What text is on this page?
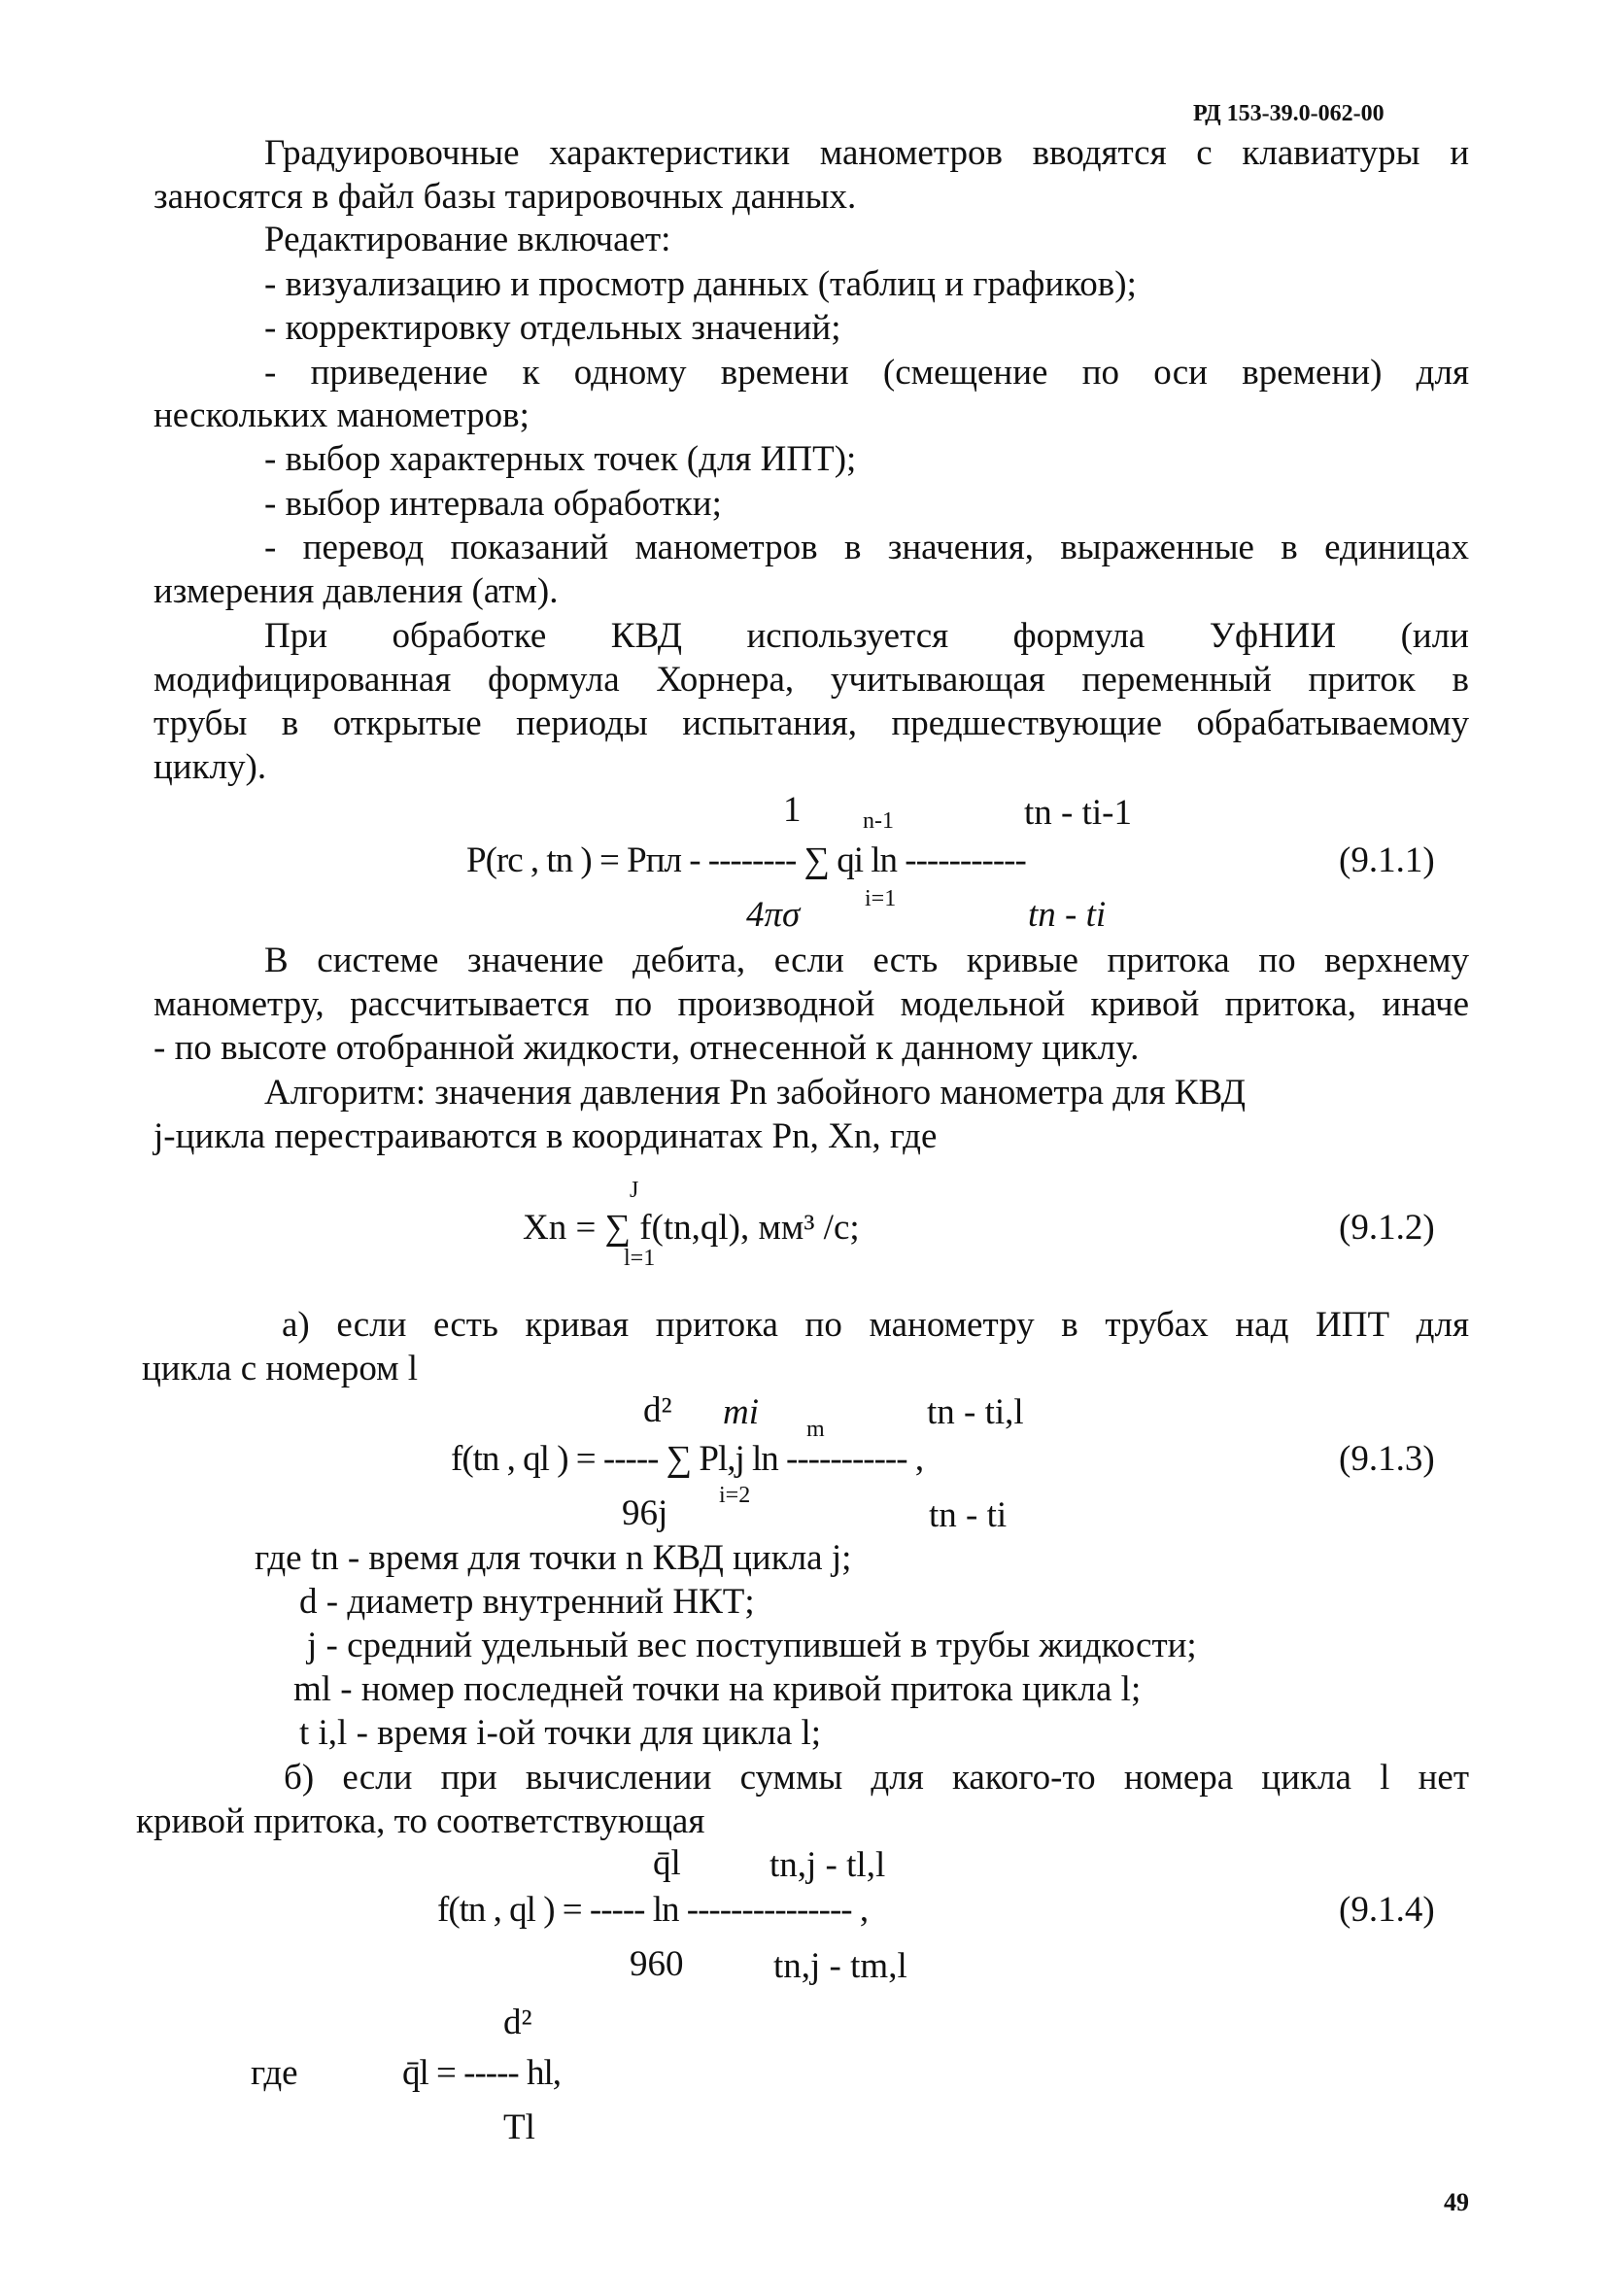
РД 153-39.0-062-00
Градуировочные характеристики манометров вводятся с клавиатуры и
заносятся в файл базы тарировочных данных.
Редактирование включает:
- визуализацию и просмотр данных (таблиц и графиков);
- корректировку отдельных значений;
- приведение к одному времени (смещение по оси времени) для
нескольких манометров;
- выбор характерных точек (для ИПТ);
- выбор интервала обработки;
- перевод показаний манометров в значения, выраженные в единицах
измерения давления (атм).
При обработке КВД используется формула УфНИИ (или
модифицированная формула Хорнера, учитывающая переменный приток в
трубы в открытые периоды испытания, предшествующие обрабатываемому
циклу).
1	n-1	tn - ti-1
P(rc , tn ) = Pпл - -------- ∑ qi ln -----------	(9.1.1)
4πσ	i=1	tn - ti
В системе значение дебита, если есть кривые притока по верхнему
манометру, рассчитывается по производной модельной кривой притока, иначе
- по высоте отобранной жидкости, отнесенной к данному циклу.
Алгоритм: значения давления Pn забойного манометра для КВД
j-цикла перестраиваются в координатах Pn, Xn, где
J
Xn = ∑ f(tn,ql), мм³ /c;	(9.1.2)
l=1
а) если есть кривая притока по манометру в трубах над ИПТ для
цикла с номером l
d² mi m	tn - ti,l
f(tn , ql ) = ----- ∑ Pl,j ln ----------- ,	(9.1.3)
96j i=2	tn - ti
где tn - время для точки n КВД цикла j;
d - диаметр внутренний НКТ;
j - средний удельный вес поступившей в трубы жидкости;
ml - номер последней точки на кривой притока цикла l;
t i,l - время i-ой точки для цикла l;
б) если при вычислении суммы для какого-то номера цикла l нет
кривой притока, то соответствующая
q̄l tn,j - tl,l
f(tn , ql ) = ----- ln --------------- ,	(9.1.4)
960	tn,j - tm,l
d²
где	q̄l = ----- hl,
Tl
49
